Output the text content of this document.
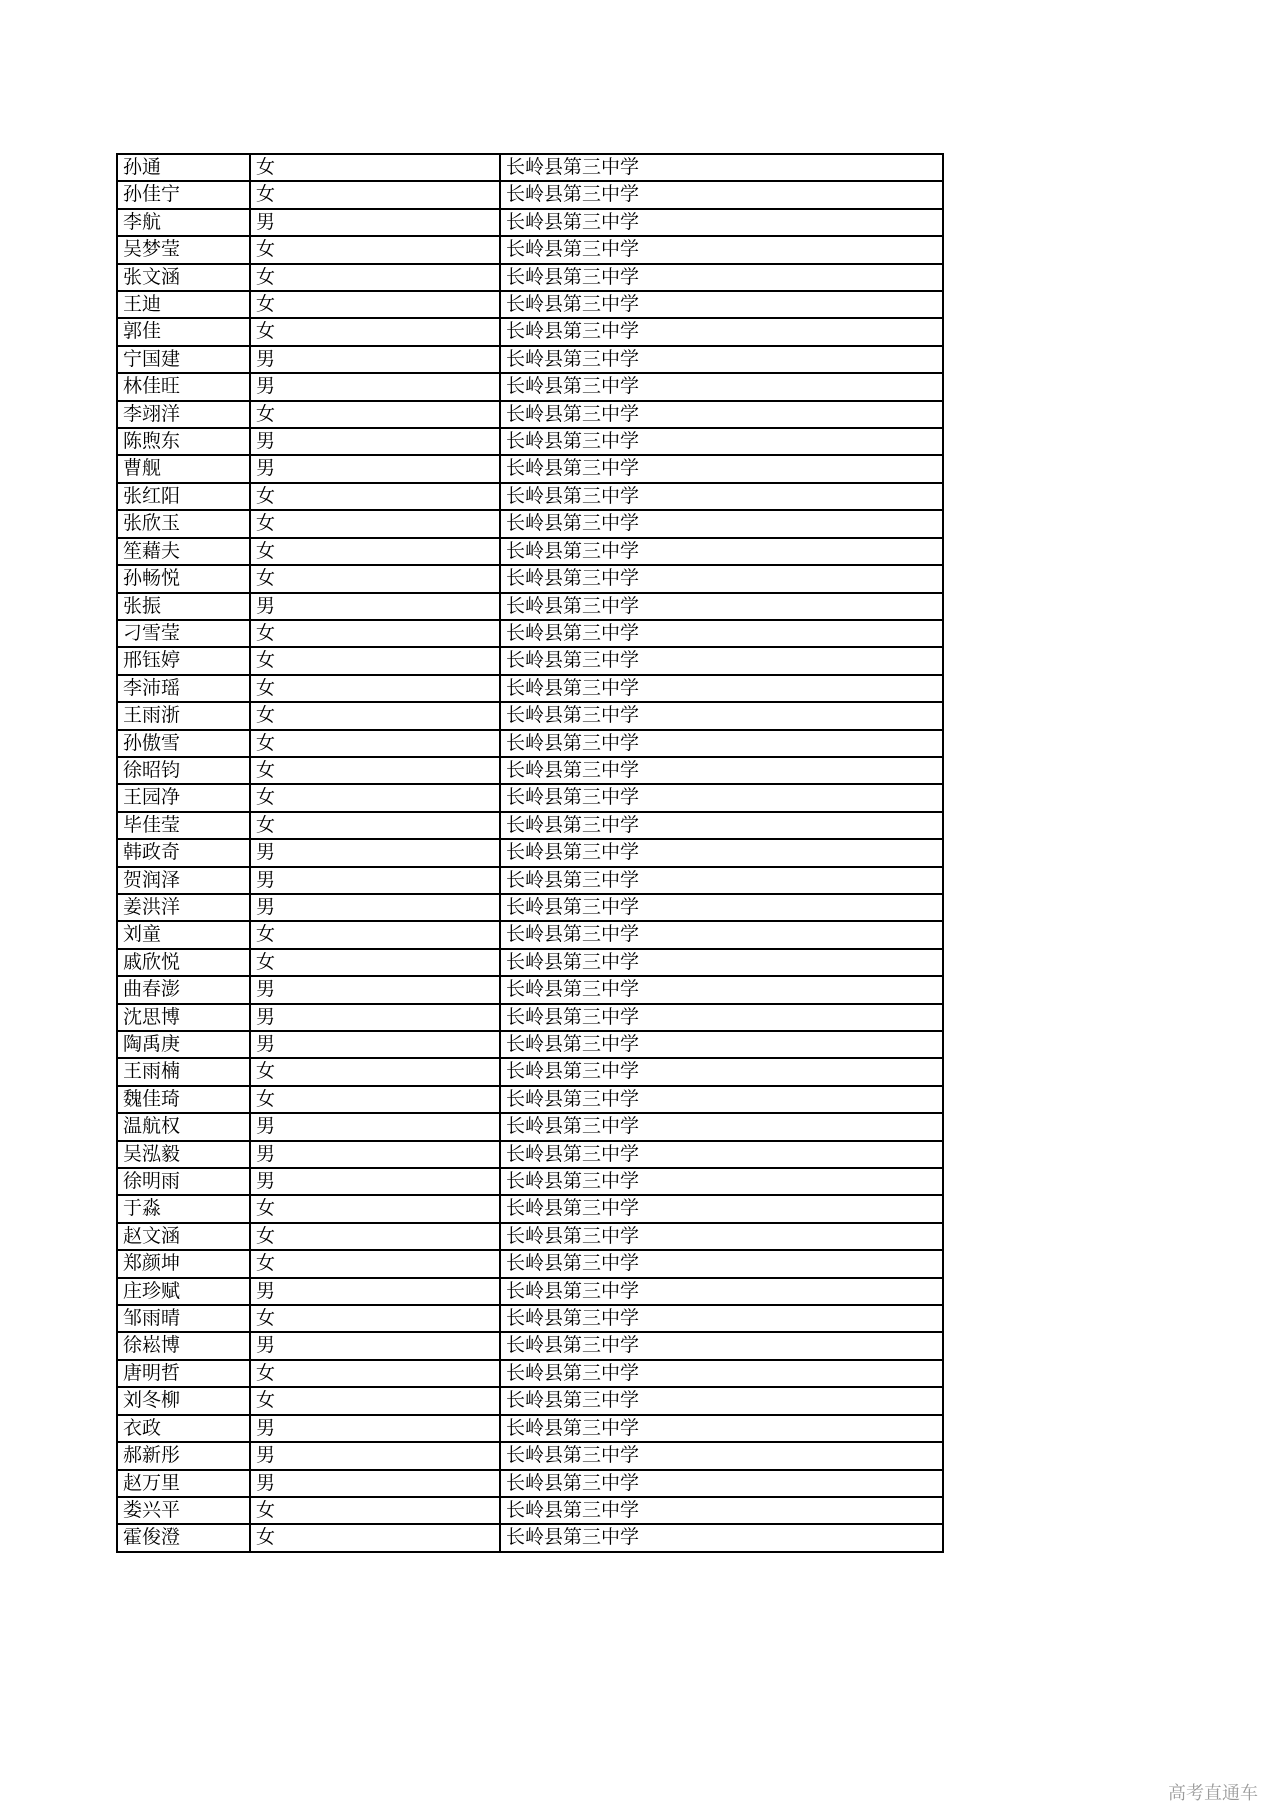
孙通	女	长岭县第三中学
孙佳宁	女	长岭县第三中学
李航	男	长岭县第三中学
吴梦莹	女	长岭县第三中学
张文涵	女	长岭县第三中学
王迪	女	长岭县第三中学
郭佳	女	长岭县第三中学
宁国建	男	长岭县第三中学
林佳旺	男	长岭县第三中学
李翊洋	女	长岭县第三中学
陈煦东	男	长岭县第三中学
曹舰	男	长岭县第三中学
张红阳	女	长岭县第三中学
张欣玉	女	长岭县第三中学
笙藉夫	女	长岭县第三中学
孙畅悦	女	长岭县第三中学
张振	男	长岭县第三中学
刁雪莹	女	长岭县第三中学
邢钰婷	女	长岭县第三中学
李沛瑶	女	长岭县第三中学
王雨浙	女	长岭县第三中学
孙傲雪	女	长岭县第三中学
徐昭钧	女	长岭县第三中学
王园净	女	长岭县第三中学
毕佳莹	女	长岭县第三中学
韩政奇	男	长岭县第三中学
贺润泽	男	长岭县第三中学
姜洪洋	男	长岭县第三中学
刘童	女	长岭县第三中学
戚欣悦	女	长岭县第三中学
曲春澎	男	长岭县第三中学
沈思博	男	长岭县第三中学
陶禹庚	男	长岭县第三中学
王雨楠	女	长岭县第三中学
魏佳琦	女	长岭县第三中学
温航权	男	长岭县第三中学
吴泓毅	男	长岭县第三中学
徐明雨	男	长岭县第三中学
于淼	女	长岭县第三中学
赵文涵	女	长岭县第三中学
郑颜坤	女	长岭县第三中学
庄珍赋	男	长岭县第三中学
邹雨晴	女	长岭县第三中学
徐崧博	男	长岭县第三中学
唐明哲	女	长岭县第三中学
刘冬柳	女	长岭县第三中学
衣政	男	长岭县第三中学
郝新彤	男	长岭县第三中学
赵万里	男	长岭县第三中学
娄兴平	女	长岭县第三中学
霍俊澄	女	长岭县第三中学
高考直通车
